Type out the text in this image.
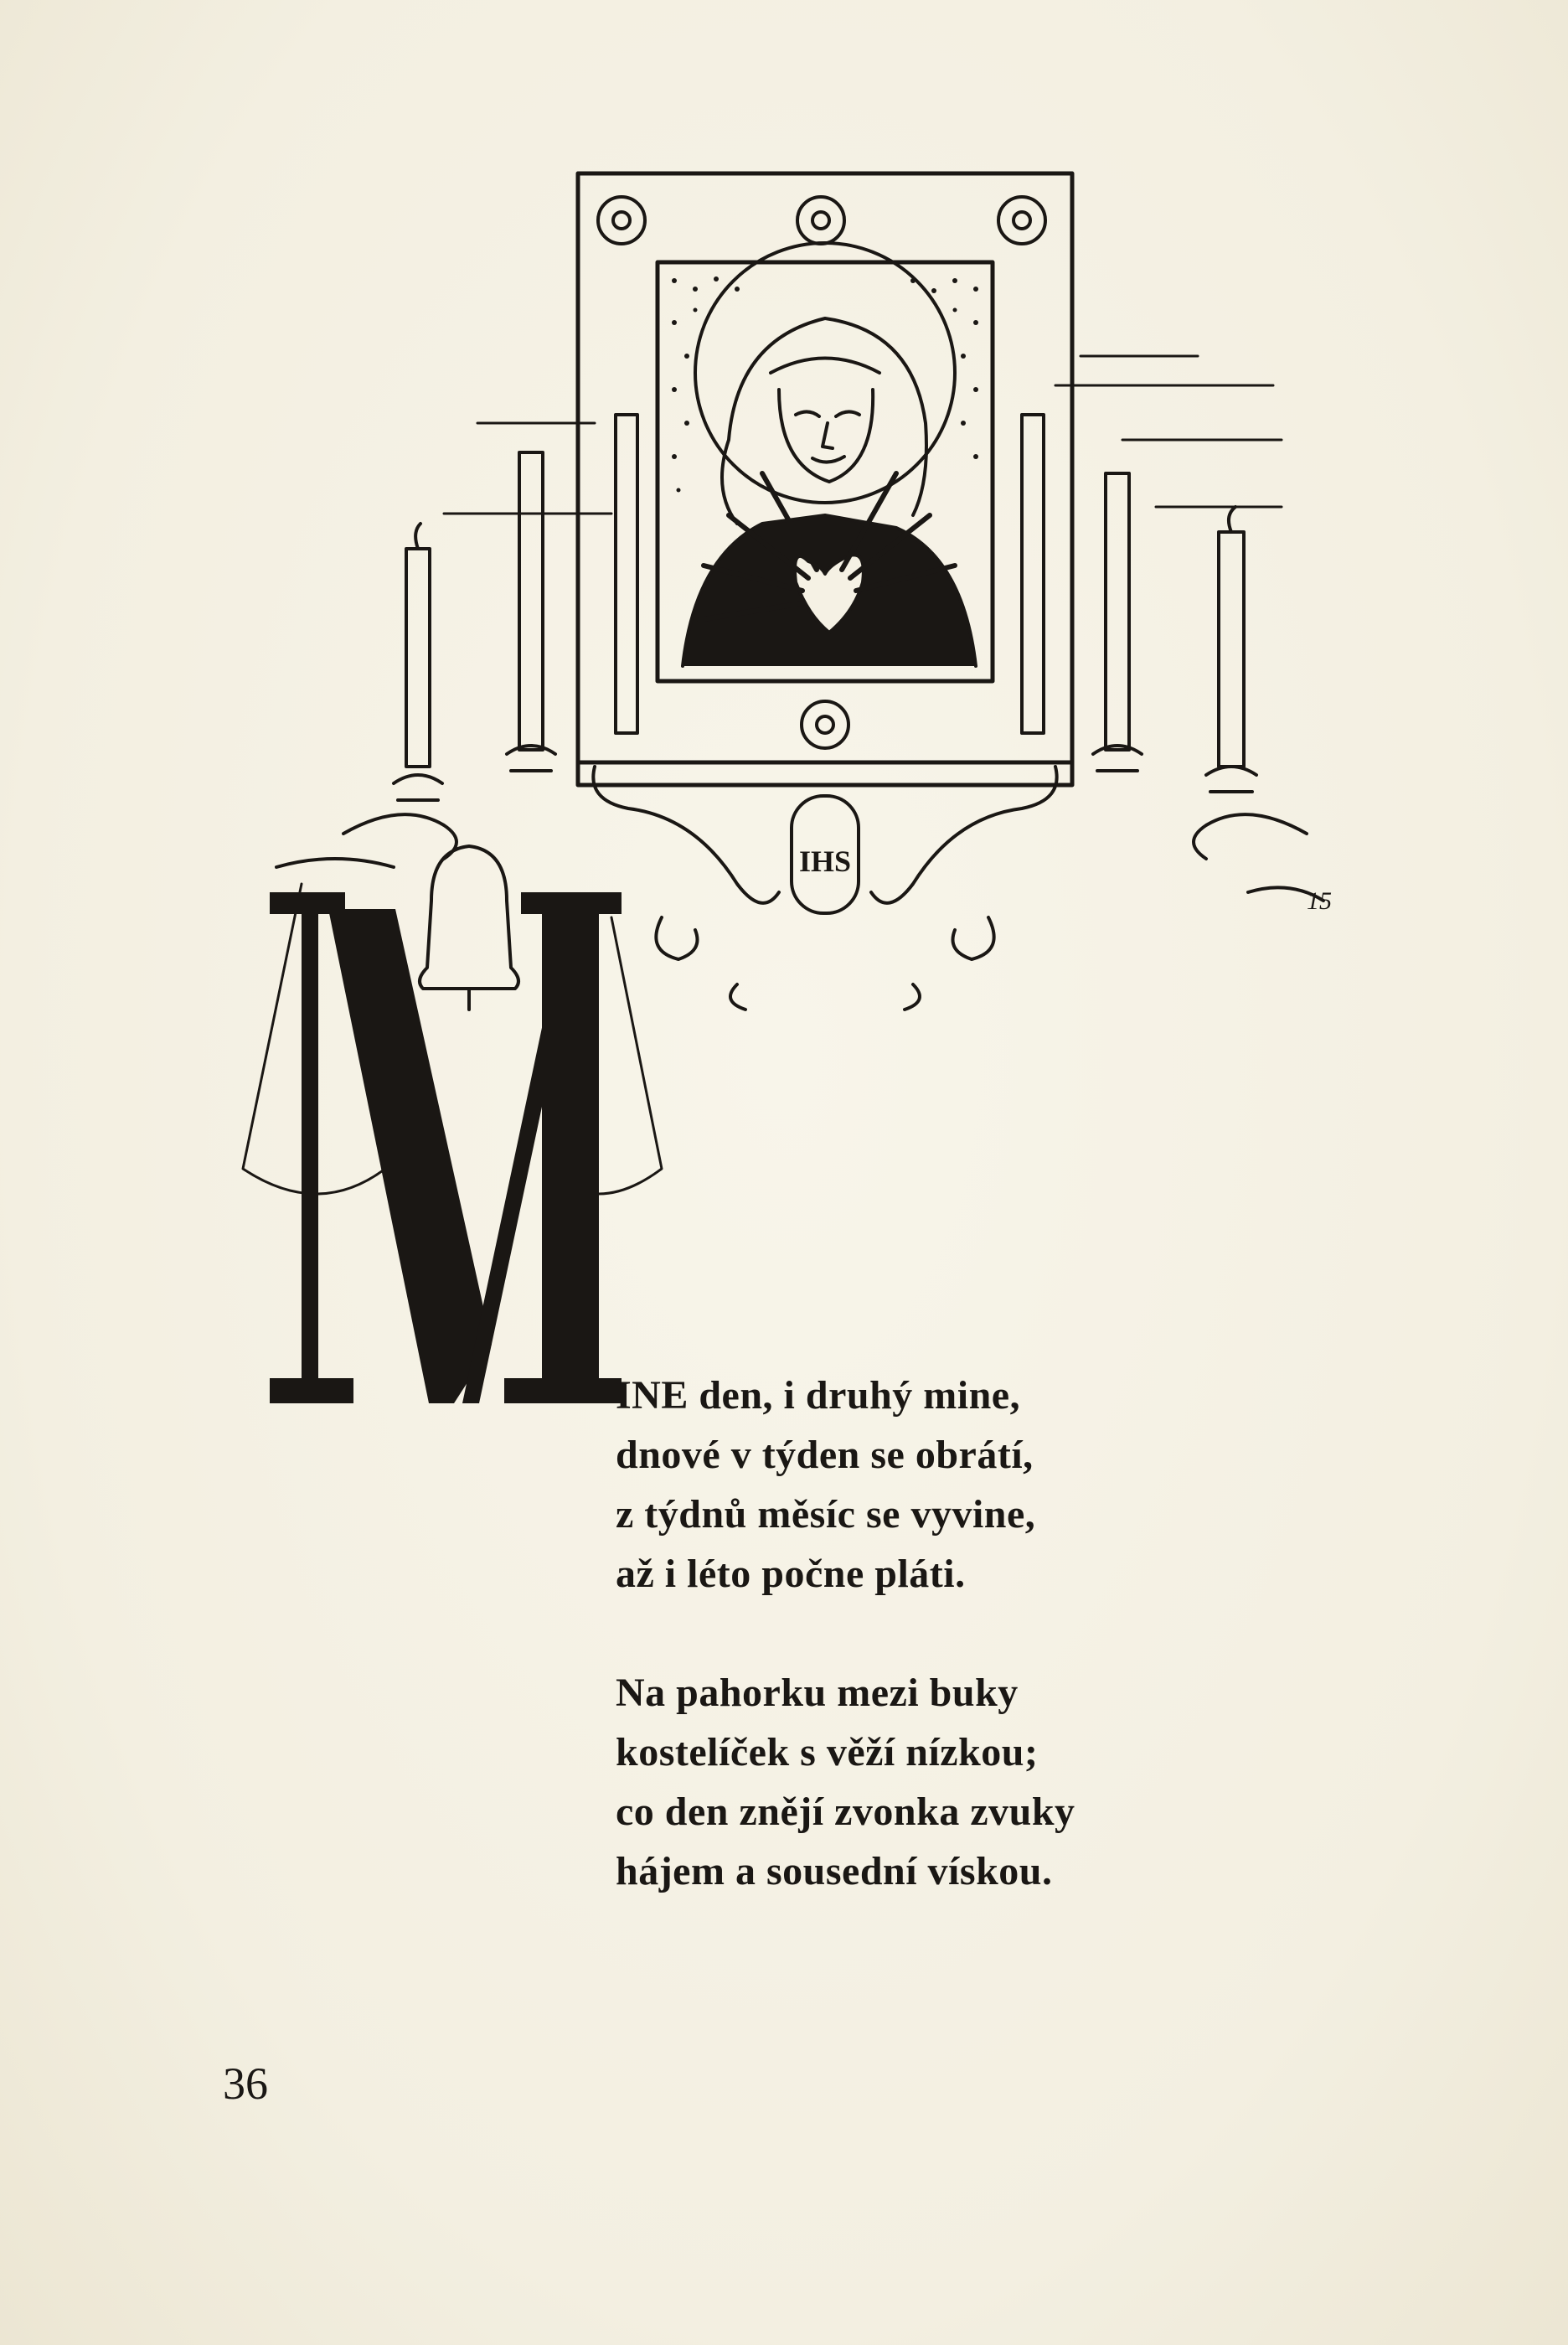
IHS
15
INE den, i druhý mine,
dnové v týden se obrátí,
z týdnů měsíc se vyvine,
až i léto počne pláti.
Na pahorku mezi buky
kostelíček s věží nízkou;
co den znějí zvonka zvuky
hájem a sousední vískou.
36
